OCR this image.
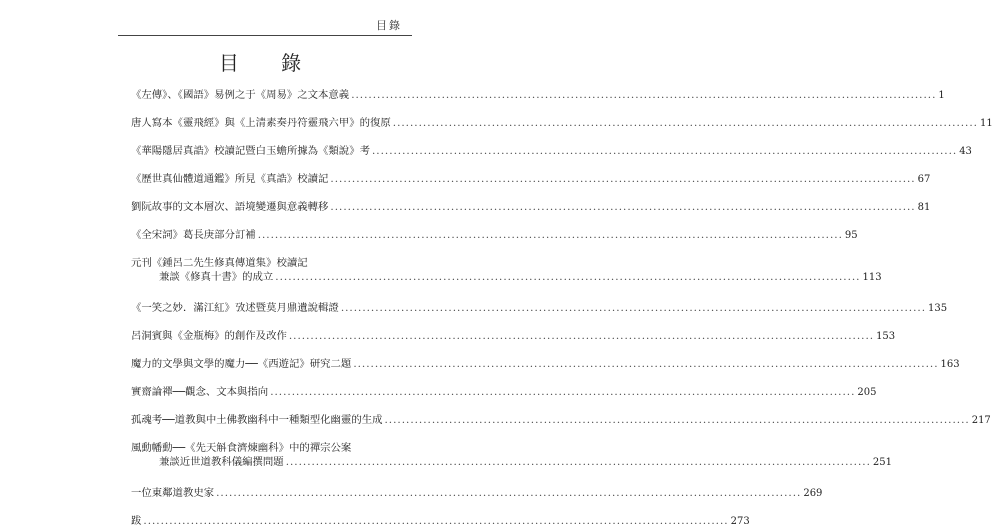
目錄
目 錄
《左傳》、《國語》易例之于《周易》之文本意義 .....	1
唐人寫本《靈飛經》與《上清素奏丹符靈飛六甲》的復原 .....	11
《華陽隱居真誥》校讀記暨白玉蟾所據為《類說》考 .....	43
《歷世真仙體道通鑑》所見《真誥》校讀記 .....	67
劉阮故事的文本層次、語境變遷與意義轉移 .....	81
《全宋詞》葛長庚部分訂補 .....	95
元刊《鍾呂二先生修真傳道集》校讀記
兼談《修真十書》的成立 .....	113
《一笑之妙．滿江紅》攷述暨莫月鼎遺說輯證 .....	135
呂洞賓與《金瓶梅》的創作及改作 .....	153
魔力的文學與文學的魔力──《西遊記》研究二題 .....	163
實齋論禪──觀念、文本與指向 .....	205
孤魂考──道教與中土佛教幽科中一種類型化幽靈的生成 .....	217
風動幡動──《先天斛食濟煉幽科》中的禪宗公案
兼談近世道教科儀編撰問題 .....	251
一位東鄰道教史家 .....	269
跋 .....	273
